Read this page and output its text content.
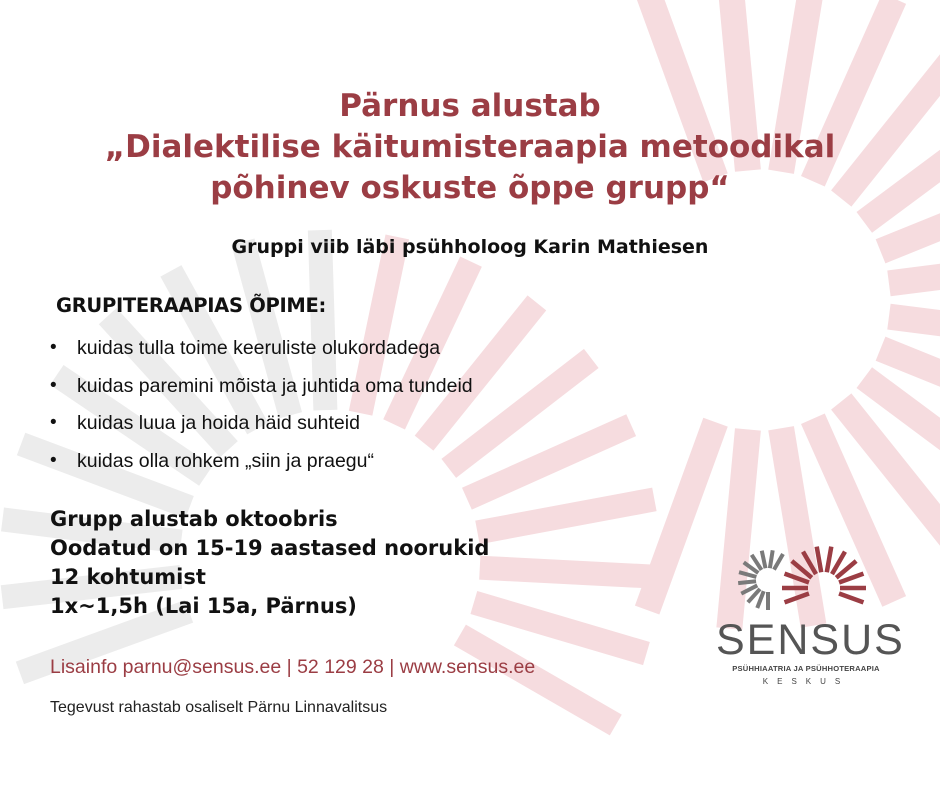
Pärnus alustab
„Dialektilise käitumisteraapia metoodikal
põhinev oskuste õppe grupp“
Gruppi viib läbi psühholoog Karin Mathiesen
GRUPITERAAPIAS ÕPIME:
•	kuidas tulla toime keeruliste olukordadega
•	kuidas paremini mõista ja juhtida oma tundeid
•	kuidas luua ja hoida häid suhteid
•	kuidas olla rohkem „siin ja praegu“
Grupp alustab oktoobris
Oodatud on 15-19 aastased noorukid
12 kohtumist
1x~1,5h (Lai 15a, Pärnus)
Lisainfo parnu@sensus.ee | 52 129 28 | www.sensus.ee
Tegevust rahastab osaliselt Pärnu Linnavalitsus
SENSUS
PSÜHHIAATRIA JA PSÜHHOTERAAPIA
KESKUS
